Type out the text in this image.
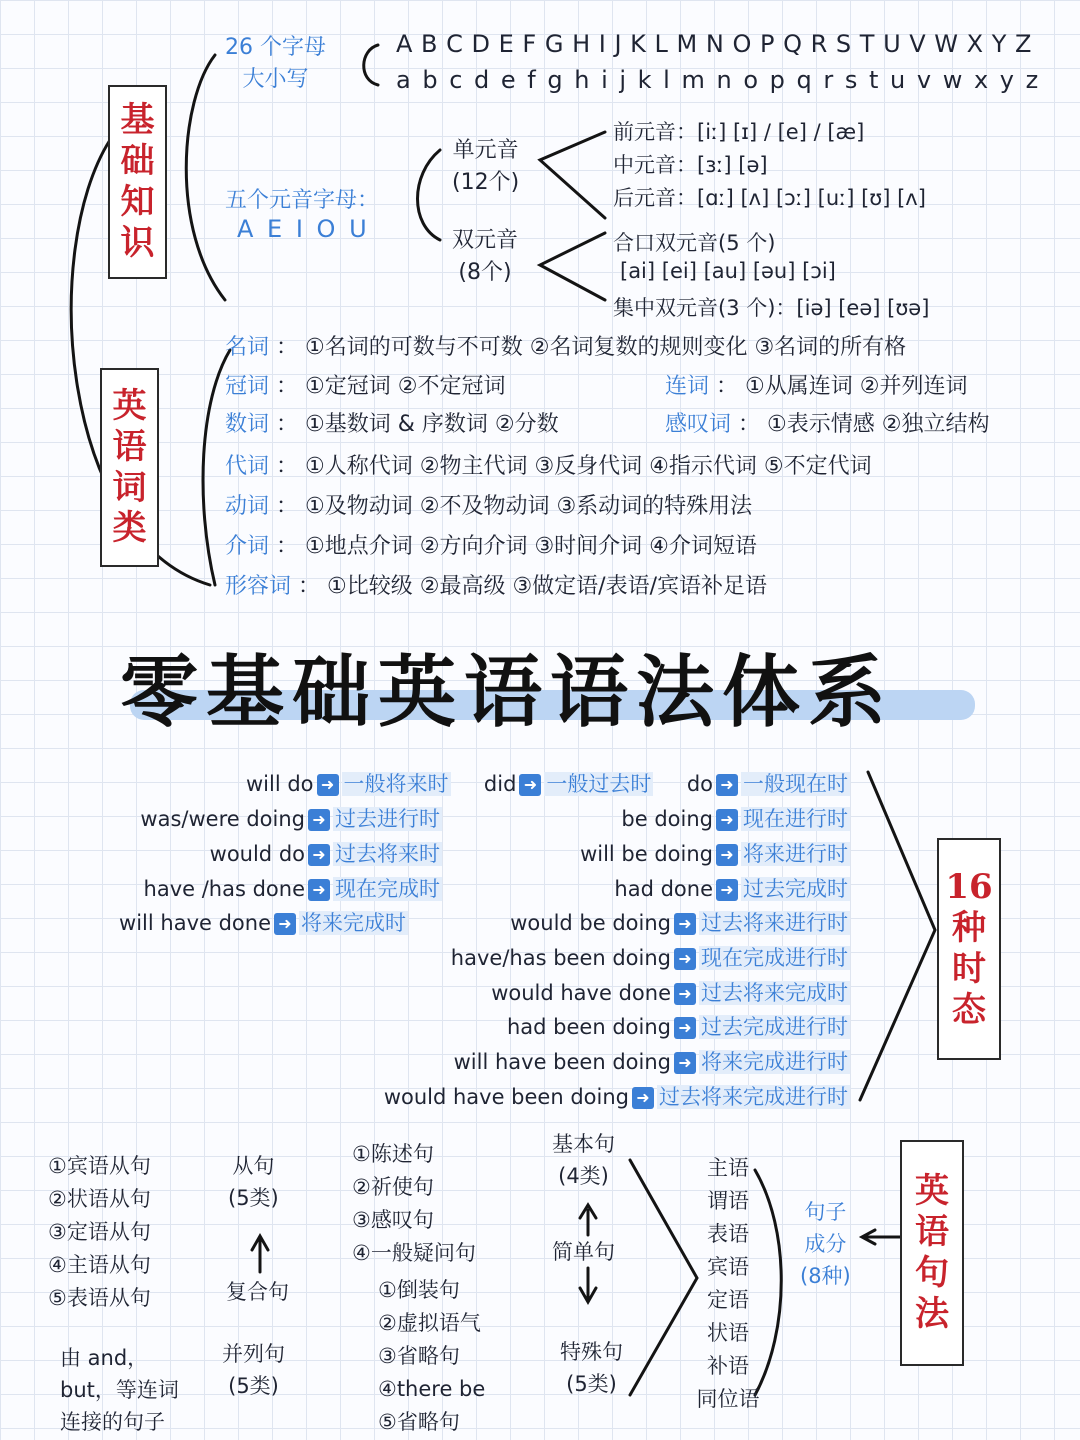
基
础
知
识
26 个字母
大小写
A B C D E F G H I J K L M N O P Q R S T U V W X Y Z
a b c d e f g h i j k l m n o p q r s t u v w x y z
五个元音字母：
A E I O U
单元音
(12个)
双元音
(8个)
前元音：[iː] [ɪ] / [e] / [æ]
中元音：[ɜː] [ə]
后元音：[ɑː] [ʌ] [ɔː] [uː] [ʊ] [ʌ]
合口双元音(5 个)
[ai] [ei] [au] [əu] [ɔi]
集中双元音(3 个)：[iə] [eə] [ʊə]
英
语
词
类
名词 ： ①名词的可数与不可数 ②名词复数的规则变化 ③名词的所有格
冠词 ： ①定冠词 ②不定冠词
数词 ： ①基数词 & 序数词 ②分数
代词 ： ①人称代词 ②物主代词 ③反身代词 ④指示代词 ⑤不定代词
动词 ： ①及物动词 ②不及物动词 ③系动词的特殊用法
介词 ： ①地点介词 ②方向介词 ③时间介词 ④介词短语
形容词 ： ①比较级 ②最高级 ③做定语/表语/宾语补足语
连词 ： ①从属连词 ②并列连词
感叹词 ： ①表示情感 ②独立结构
零基础英语语法体系
will do ➜ 一般将来时 did ➜ 一般过去时 do ➜ 一般现在时
was/were doing ➜ 过去进行时
would do ➜ 过去将来时
have /has done ➜ 现在完成时
will have done ➜ 将来完成时
be doing ➜ 现在进行时
will be doing ➜ 将来进行时
had done ➜ 过去完成时
would be doing ➜ 过去将来进行时
have/has been doing ➜ 现在完成进行时
would have done ➜ 过去将来完成时
had been doing ➜ 过去完成进行时
will have been doing ➜ 将来完成进行时
would have been doing ➜ 过去将来完成进行时
16
种
时
态
①宾语从句
②状语从句
③定语从句
④主语从句
⑤表语从句
从句
(5类)
复合句
并列句
(5类)
由 and，
but，等连词
连接的句子
①陈述句
②祈使句
③感叹句
④一般疑问句
①倒装句
②虚拟语气
③省略句
④there be
⑤省略句
基本句
(4类)
简单句
特殊句
(5类)
主语
谓语
表语
宾语
定语
状语
补语
同位语
句子
成分
(8种)
英
语
句
法
